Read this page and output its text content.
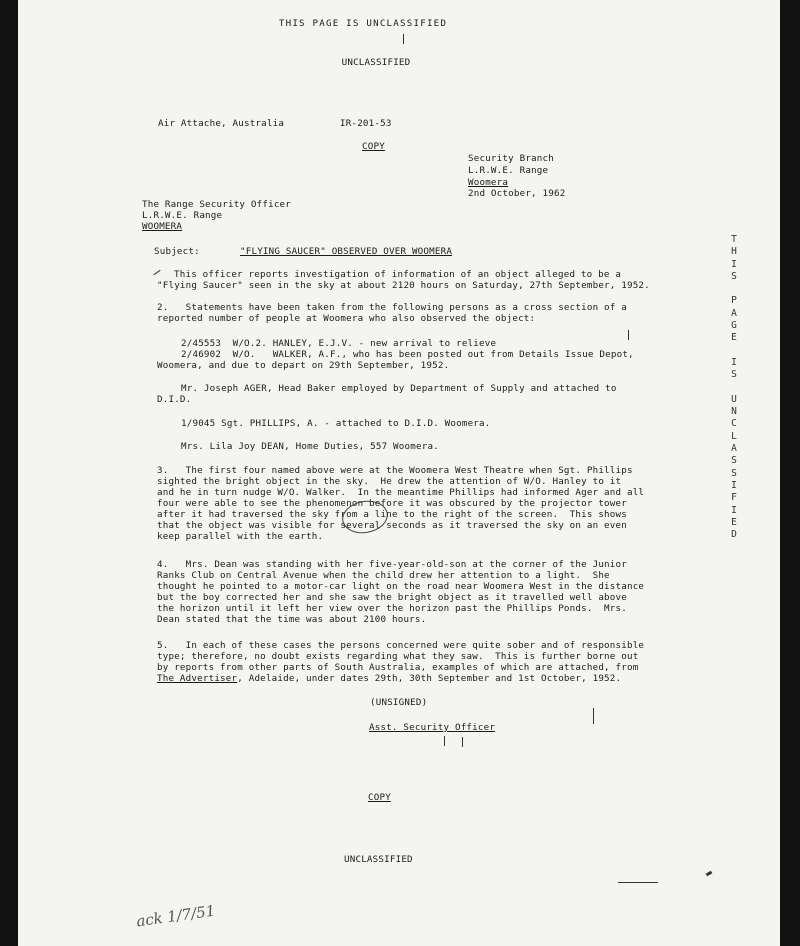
THIS PAGE IS UNCLASSIFIED
UNCLASSIFIED
Air Attache, Australia	IR-201-53
COPY
Security Branch
L.R.W.E. Range
Woomera
2nd October, 1962
The Range Security Officer
L.R.W.E. Range
WOOMERA
Subject:	"FLYING SAUCER" OBSERVED OVER WOOMERA
This officer reports investigation of information of an object alleged to be a
"Flying Saucer" seen in the sky at about 2120 hours on Saturday, 27th September, 1952.
2.   Statements have been taken from the following persons as a cross section of a
reported number of people at Woomera who also observed the object:
2/45553  W/O.2. HANLEY, E.J.V. - new arrival to relieve
2/46902  W/O.   WALKER, A.F., who has been posted out from Details Issue Depot,
Woomera, and due to depart on 29th September, 1952.
Mr. Joseph AGER, Head Baker employed by Department of Supply and attached to
D.I.D.
1/9045 Sgt. PHILLIPS, A. - attached to D.I.D. Woomera.
Mrs. Lila Joy DEAN, Home Duties, 557 Woomera.
3.   The first four named above were at the Woomera West Theatre when Sgt. Phillips
sighted the bright object in the sky.  He drew the attention of W/O. Hanley to it
and he in turn nudge W/O. Walker.  In the meantime Phillips had informed Ager and all
four were able to see the phenomenon before it was obscured by the projector tower
after it had traversed the sky from a line to the right of the screen.  This shows
that the object was visible for several seconds as it traversed the sky on an even
keep parallel with the earth.
4.   Mrs. Dean was standing with her five-year-old-son at the corner of the Junior
Ranks Club on Central Avenue when the child drew her attention to a light.  She
thought he pointed to a motor-car light on the road near Woomera West in the distance
but the boy corrected her and she saw the bright object as it travelled well above
the horizon until it left her view over the horizon past the Phillips Ponds.  Mrs.
Dean stated that the time was about 2100 hours.
5.   In each of these cases the persons concerned were quite sober and of responsible
type; therefore, no doubt exists regarding what they saw.  This is further borne out
by reports from other parts of South Australia, examples of which are attached, from
The Advertiser, Adelaide, under dates 29th, 30th September and 1st October, 1952.
(UNSIGNED)
Asst. Security Officer
COPY
UNCLASSIFIED
ack 1/7/51
T
H
I
S

P
A
G
E

I
S

U
N
C
L
A
S
S
I
F
I
E
D
